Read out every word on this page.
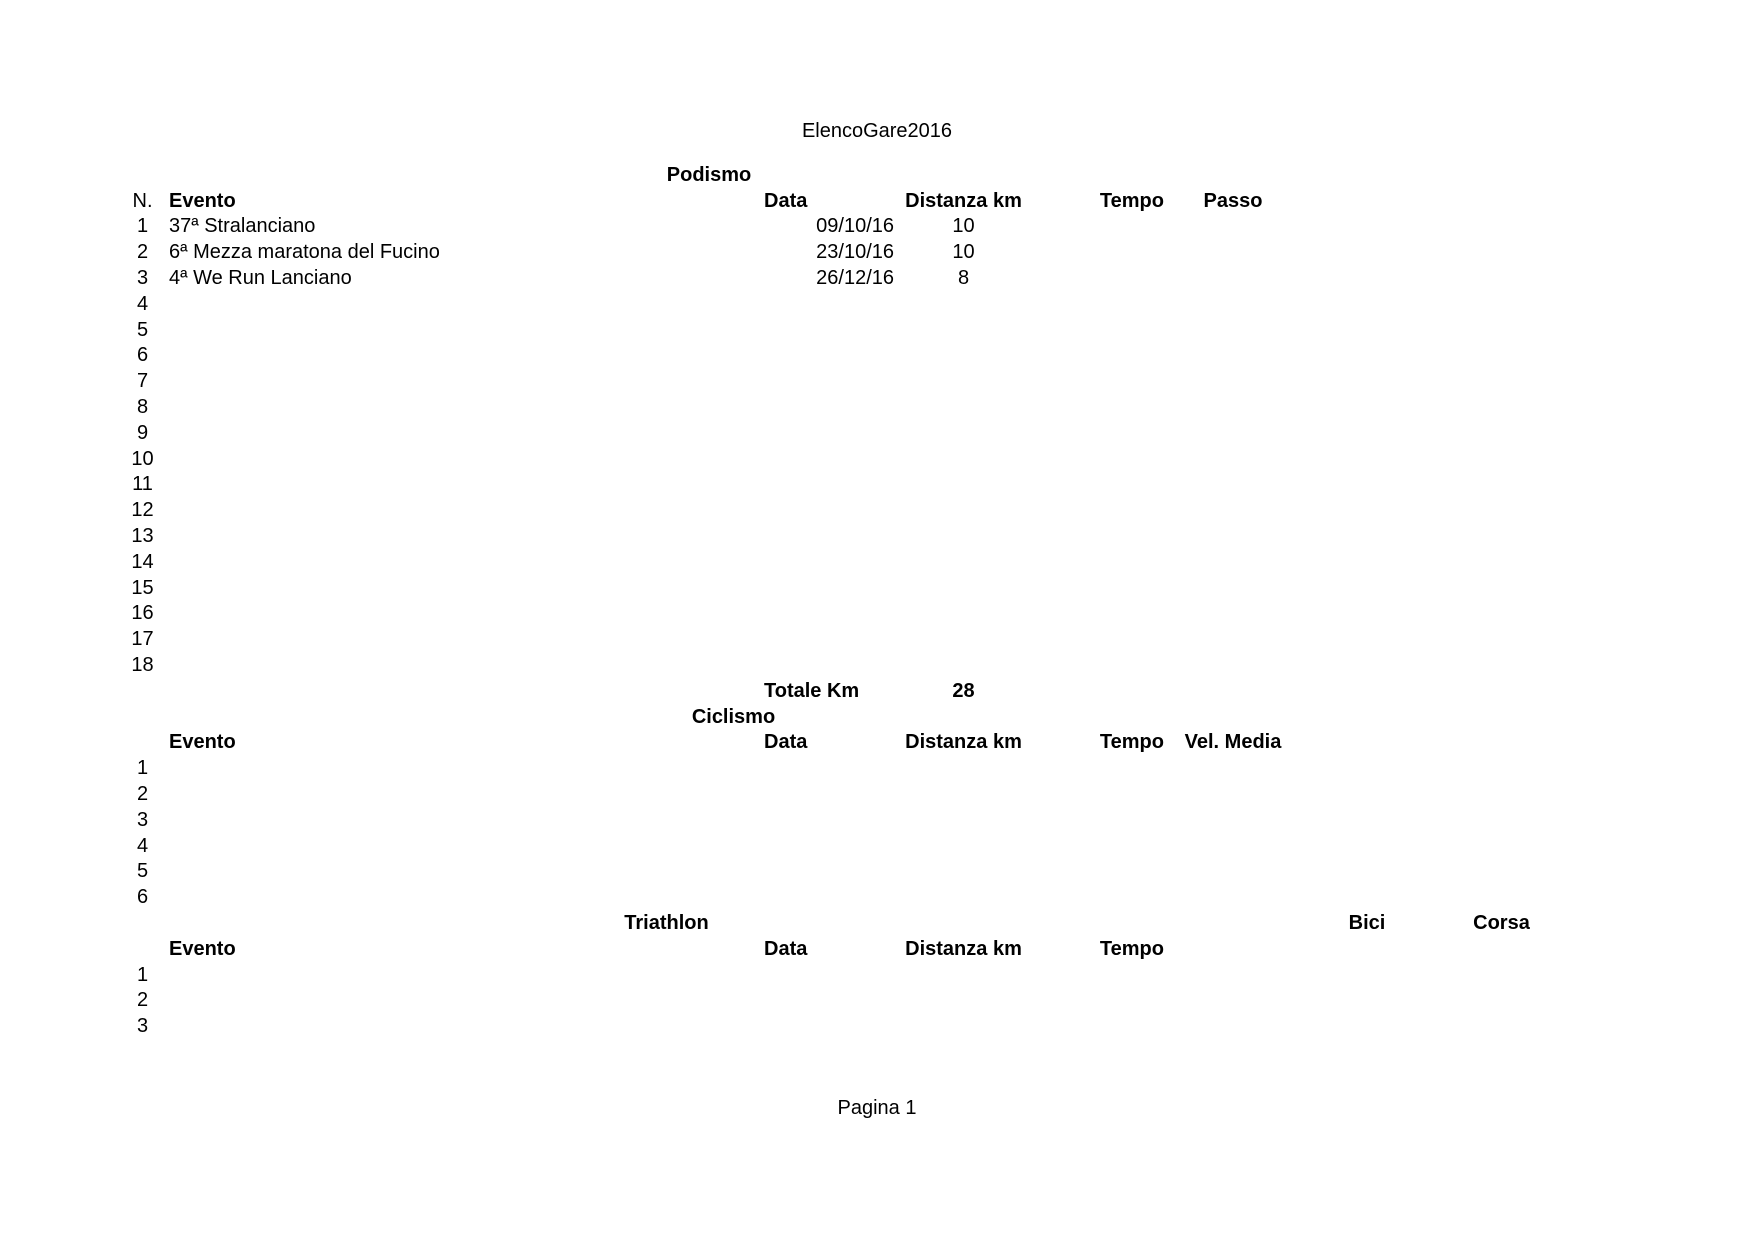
ElencoGare2016
Podismo							
N.	Evento	Data	Distanza km	Tempo	Passo		
1	37ª Stralanciano	09/10/16	10				
2	6ª Mezza maratona del Fucino	23/10/16	10				
3	4ª We Run Lanciano	26/12/16	8				
4							
5							
6							
7							
8							
9							
10							
11							
12							
13							
14							
15							
16							
17							
18							
		Totale Km	28				
	Ciclismo						
	Evento	Data	Distanza km	Tempo	Vel. Media		
1							
2							
3							
4							
5							
6							
	Triathlon					Bici	Corsa
	Evento	Data	Distanza km	Tempo			
1							
2							
3							
Pagina 1
